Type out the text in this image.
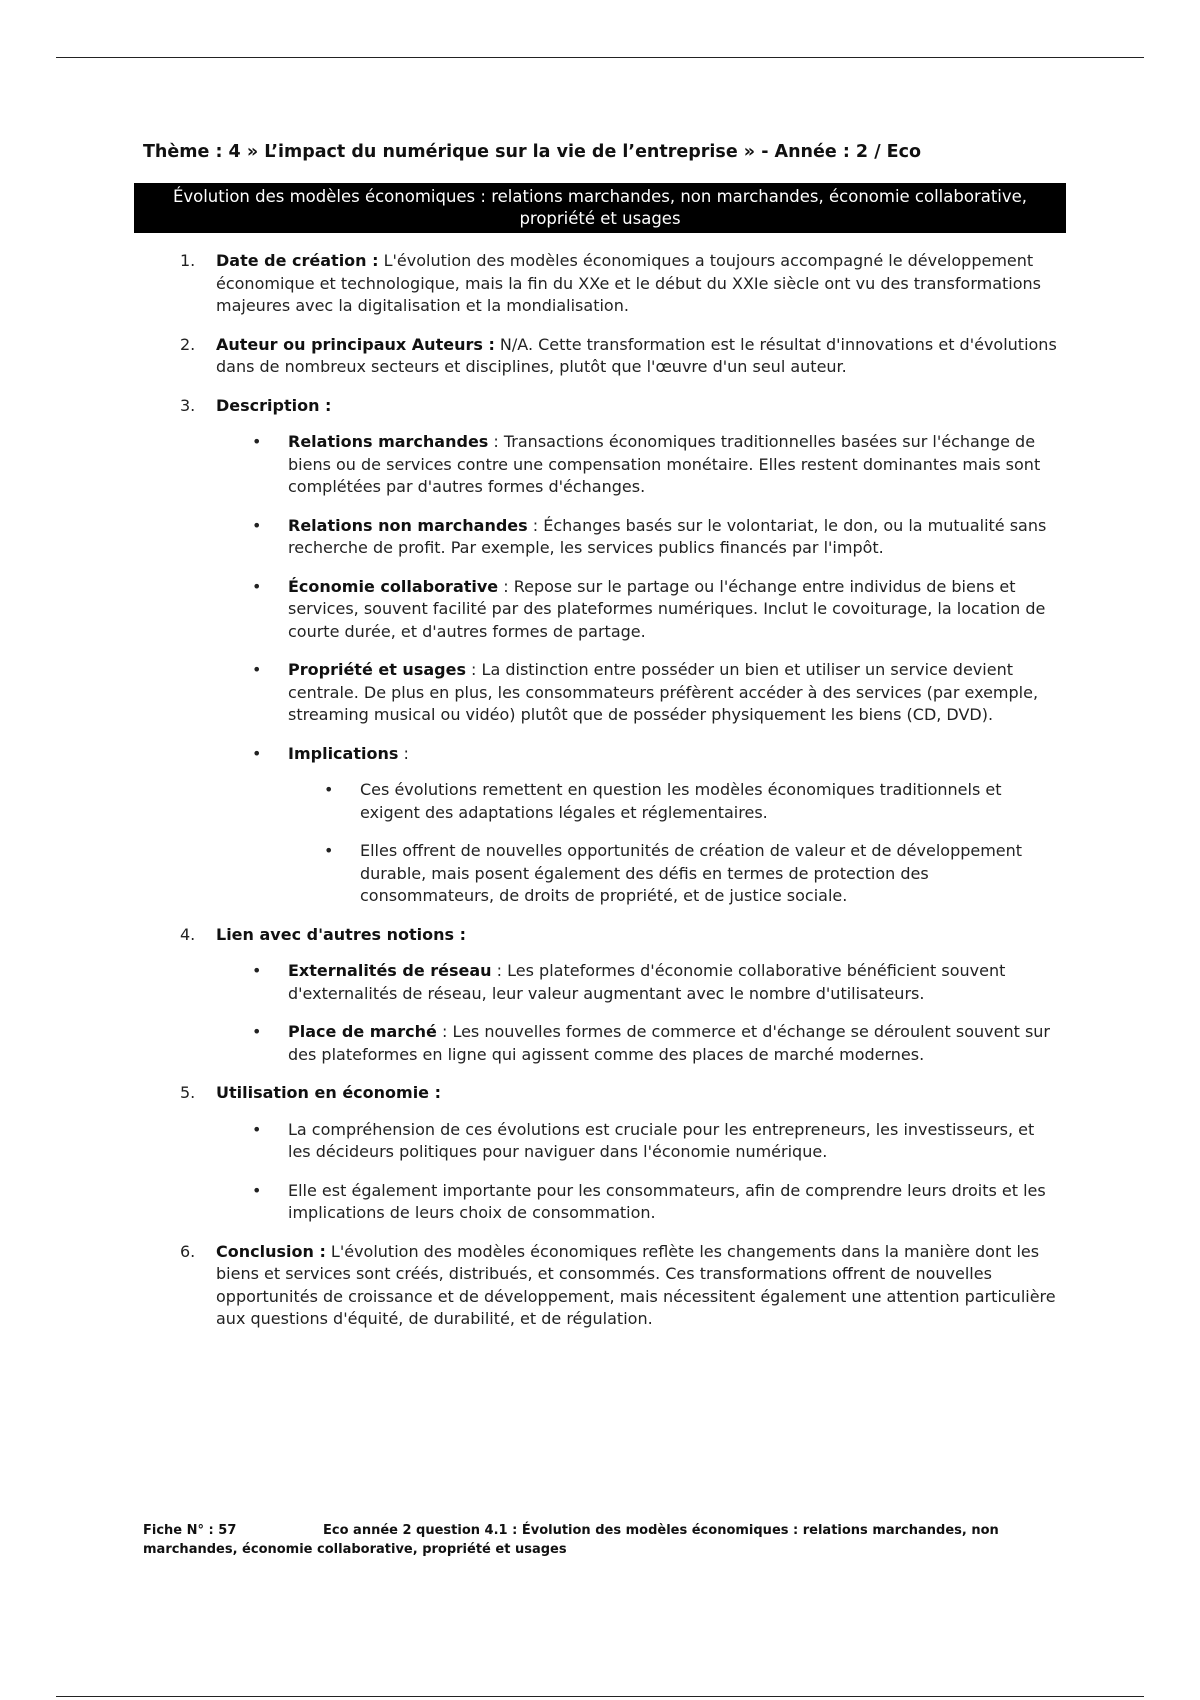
Thème : 4 » L’impact du numérique sur la vie de l’entreprise » - Année : 2 / Eco
Évolution des modèles économiques : relations marchandes, non marchandes, économie collaborative, propriété et usages
1.	Date de création : L'évolution des modèles économiques a toujours accompagné le développement économique et technologique, mais la fin du XXe et le début du XXIe siècle ont vu des transformations majeures avec la digitalisation et la mondialisation.
2.	Auteur ou principaux Auteurs : N/A. Cette transformation est le résultat d'innovations et d'évolutions dans de nombreux secteurs et disciplines, plutôt que l'œuvre d'un seul auteur.
3.	Description :
• Relations marchandes : Transactions économiques traditionnelles basées sur l'échange de biens ou de services contre une compensation monétaire. Elles restent dominantes mais sont complétées par d'autres formes d'échanges.
• Relations non marchandes : Échanges basés sur le volontariat, le don, ou la mutualité sans recherche de profit. Par exemple, les services publics financés par l'impôt.
• Économie collaborative : Repose sur le partage ou l'échange entre individus de biens et services, souvent facilité par des plateformes numériques. Inclut le covoiturage, la location de courte durée, et d'autres formes de partage.
• Propriété et usages : La distinction entre posséder un bien et utiliser un service devient centrale. De plus en plus, les consommateurs préfèrent accéder à des services (par exemple, streaming musical ou vidéo) plutôt que de posséder physiquement les biens (CD, DVD).
• Implications :
• Ces évolutions remettent en question les modèles économiques traditionnels et exigent des adaptations légales et réglementaires.
• Elles offrent de nouvelles opportunités de création de valeur et de développement durable, mais posent également des défis en termes de protection des consommateurs, de droits de propriété, et de justice sociale.
4.	Lien avec d'autres notions :
• Externalités de réseau : Les plateformes d'économie collaborative bénéficient souvent d'externalités de réseau, leur valeur augmentant avec le nombre d'utilisateurs.
• Place de marché : Les nouvelles formes de commerce et d'échange se déroulent souvent sur des plateformes en ligne qui agissent comme des places de marché modernes.
5.	Utilisation en économie :
• La compréhension de ces évolutions est cruciale pour les entrepreneurs, les investisseurs, et les décideurs politiques pour naviguer dans l'économie numérique.
• Elle est également importante pour les consommateurs, afin de comprendre leurs droits et les implications de leurs choix de consommation.
6.	Conclusion : L'évolution des modèles économiques reflète les changements dans la manière dont les biens et services sont créés, distribués, et consommés. Ces transformations offrent de nouvelles opportunités de croissance et de développement, mais nécessitent également une attention particulière aux questions d'équité, de durabilité, et de régulation.
Fiche N° : 57	Eco année 2 question 4.1 : Évolution des modèles économiques : relations marchandes, non marchandes, économie collaborative, propriété et usages
